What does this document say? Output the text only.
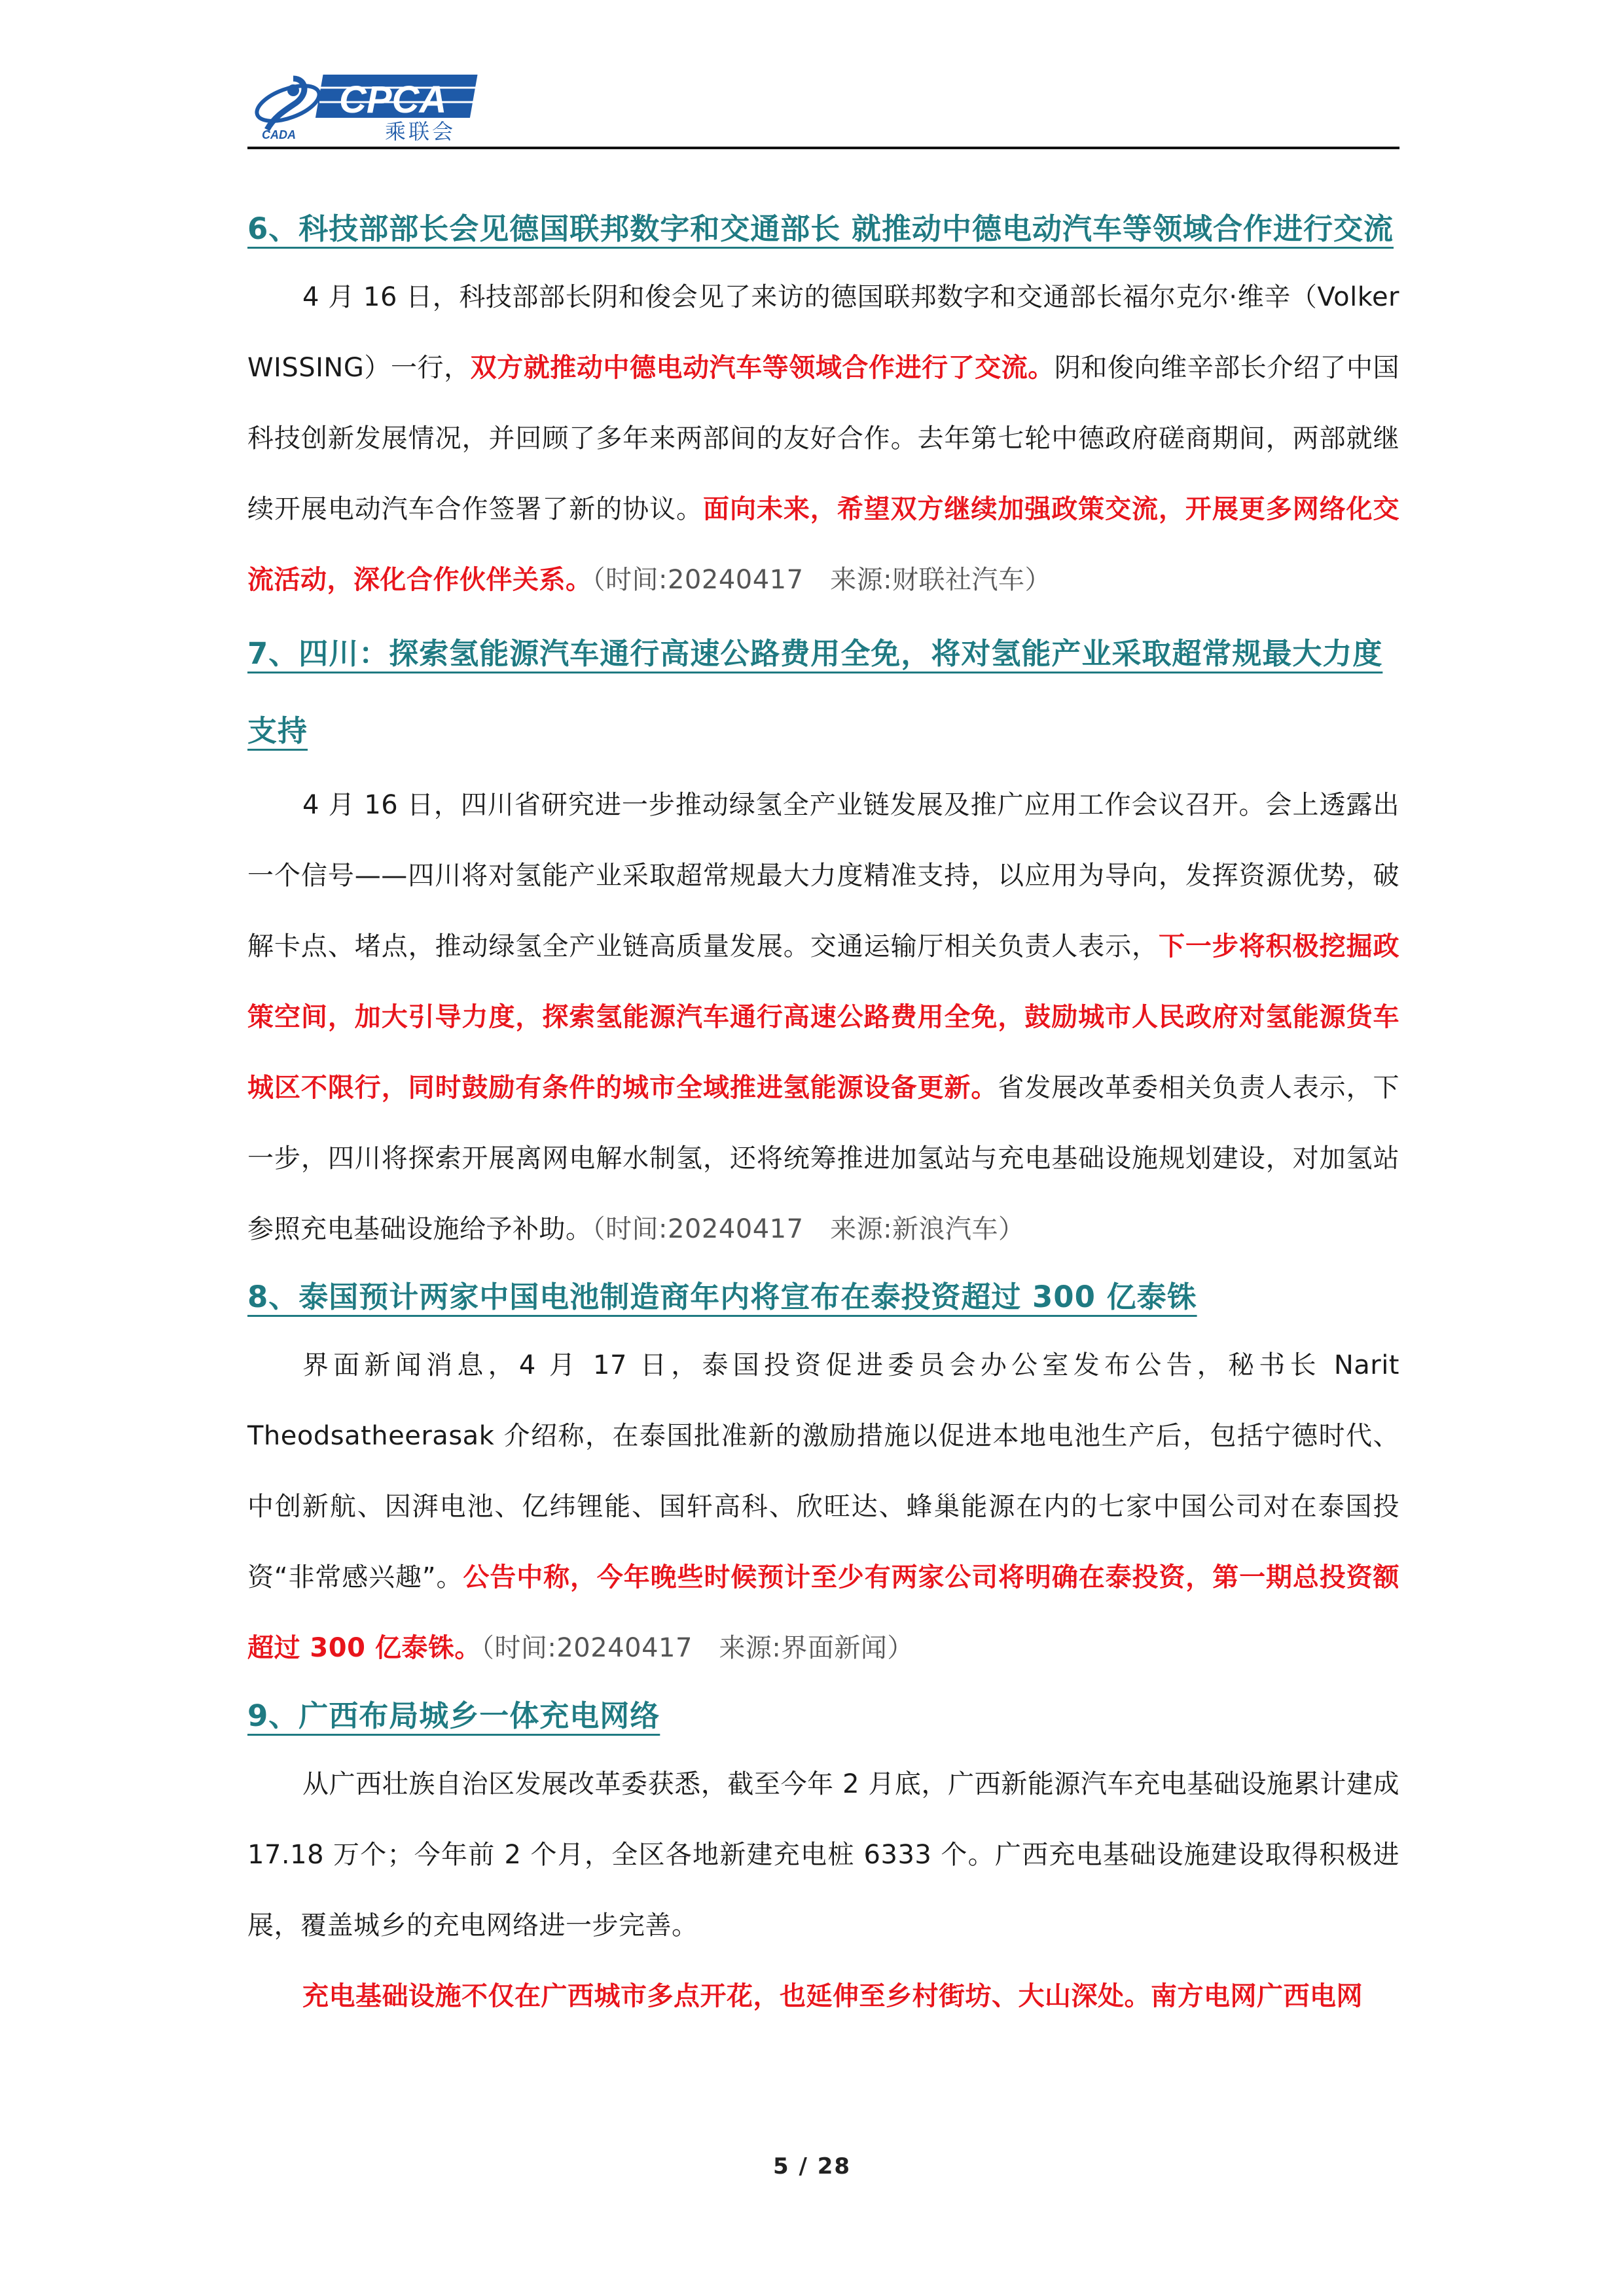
CADA
CPCA
乘联会
6、科技部部长会见德国联邦数字和交通部长 就推动中德电动汽车等领域合作进行交流

4 月 16 日，科技部部长阴和俊会见了来访的德国联邦数字和交通部长福尔克尔·维辛（Volker WISSING）一行，双方就推动中德电动汽车等领域合作进行了交流。阴和俊向维辛部长介绍了中国科技创新发展情况，并回顾了多年来两部间的友好合作。去年第七轮中德政府磋商期间，两部就继续开展电动汽车合作签署了新的协议。面向未来，希望双方继续加强政策交流，开展更多网络化交流活动，深化合作伙伴关系。（时间:20240417　来源:财联社汽车）

7、四川：探索氢能源汽车通行高速公路费用全免，将对氢能产业采取超常规最大力度支持

4 月 16 日，四川省研究进一步推动绿氢全产业链发展及推广应用工作会议召开。会上透露出一个信号——四川将对氢能产业采取超常规最大力度精准支持，以应用为导向，发挥资源优势，破解卡点、堵点，推动绿氢全产业链高质量发展。交通运输厅相关负责人表示，下一步将积极挖掘政策空间，加大引导力度，探索氢能源汽车通行高速公路费用全免，鼓励城市人民政府对氢能源货车城区不限行，同时鼓励有条件的城市全域推进氢能源设备更新。省发展改革委相关负责人表示，下一步，四川将探索开展离网电解水制氢，还将统筹推进加氢站与充电基础设施规划建设，对加氢站参照充电基础设施给予补助。（时间:20240417　来源:新浪汽车）

8、泰国预计两家中国电池制造商年内将宣布在泰投资超过 300 亿泰铢

界面新闻消息，4 月 17 日，泰国投资促进委员会办公室发布公告，秘书长 Narit Theodsatheerasak 介绍称，在泰国批准新的激励措施以促进本地电池生产后，包括宁德时代、中创新航、因湃电池、亿纬锂能、国轩高科、欣旺达、蜂巢能源在内的七家中国公司对在泰国投资“非常感兴趣”。公告中称，今年晚些时候预计至少有两家公司将明确在泰投资，第一期总投资额超过 300 亿泰铢。（时间:20240417　来源:界面新闻）

9、广西布局城乡一体充电网络

从广西壮族自治区发展改革委获悉，截至今年 2 月底，广西新能源汽车充电基础设施累计建成 17.18 万个；今年前 2 个月，全区各地新建充电桩 6333 个。广西充电基础设施建设取得积极进展，覆盖城乡的充电网络进一步完善。

充电基础设施不仅在广西城市多点开花，也延伸至乡村街坊、大山深处。南方电网广西电网

5 / 28
